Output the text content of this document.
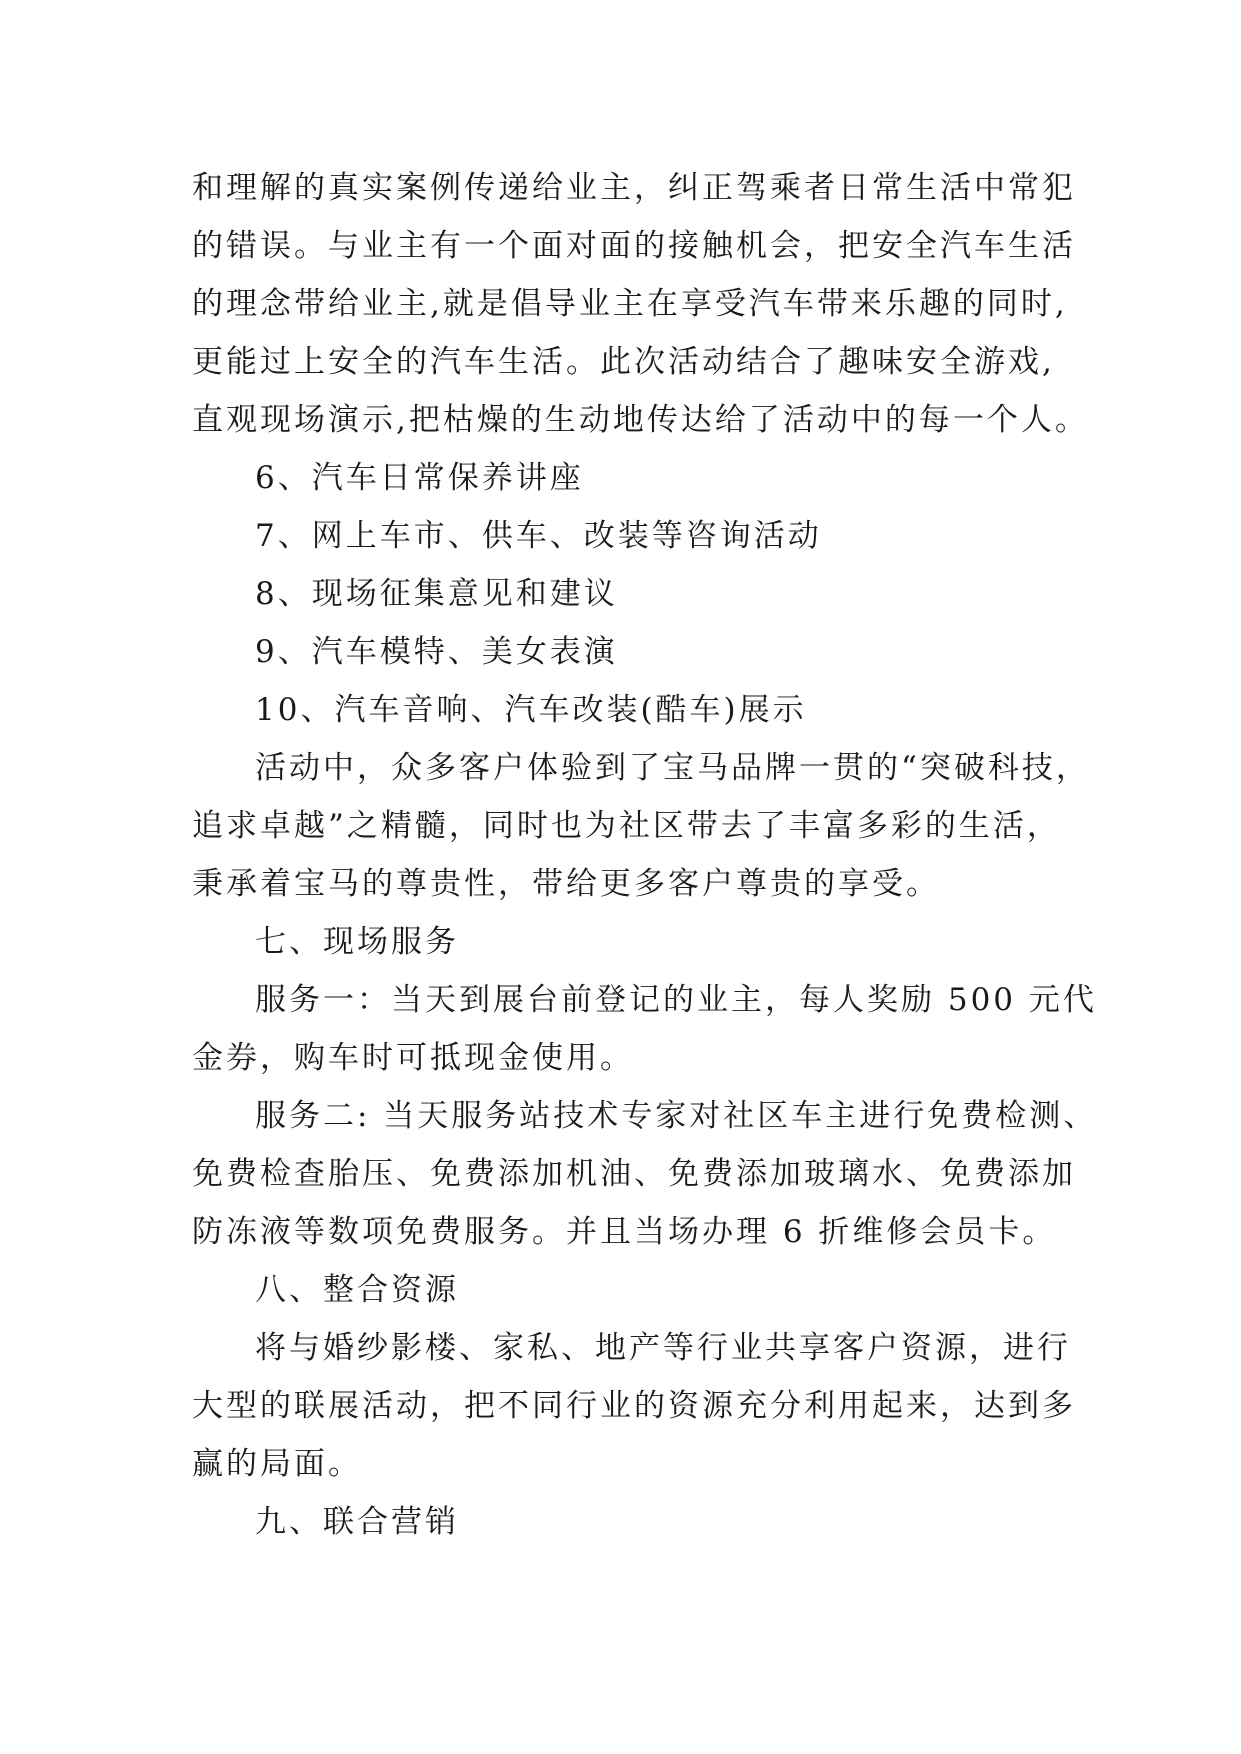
和理解的真实案例传递给业主，纠正驾乘者日常生活中常犯
的错误。与业主有一个面对面的接触机会，把安全汽车生活
的理念带给业主,就是倡导业主在享受汽车带来乐趣的同时,
更能过上安全的汽车生活。此次活动结合了趣味安全游戏,
直观现场演示,把枯燥的生动地传达给了活动中的每一个人。
6、汽车日常保养讲座
7、网上车市、供车、改装等咨询活动
8、现场征集意见和建议
9、汽车模特、美女表演
10、汽车音响、汽车改装(酷车)展示
活动中，众多客户体验到了宝马品牌一贯的“突破科技，
追求卓越”之精髓，同时也为社区带去了丰富多彩的生活，
秉承着宝马的尊贵性，带给更多客户尊贵的享受。
七、现场服务
服务一：当天到展台前登记的业主，每人奖励 500 元代
金券，购车时可抵现金使用。
服务二: 当天服务站技术专家对社区车主进行免费检测、
免费检查胎压、免费添加机油、免费添加玻璃水、免费添加
防冻液等数项免费服务。并且当场办理 6 折维修会员卡。
八、整合资源
将与婚纱影楼、家私、地产等行业共享客户资源，进行
大型的联展活动，把不同行业的资源充分利用起来，达到多
赢的局面。
九、联合营销
